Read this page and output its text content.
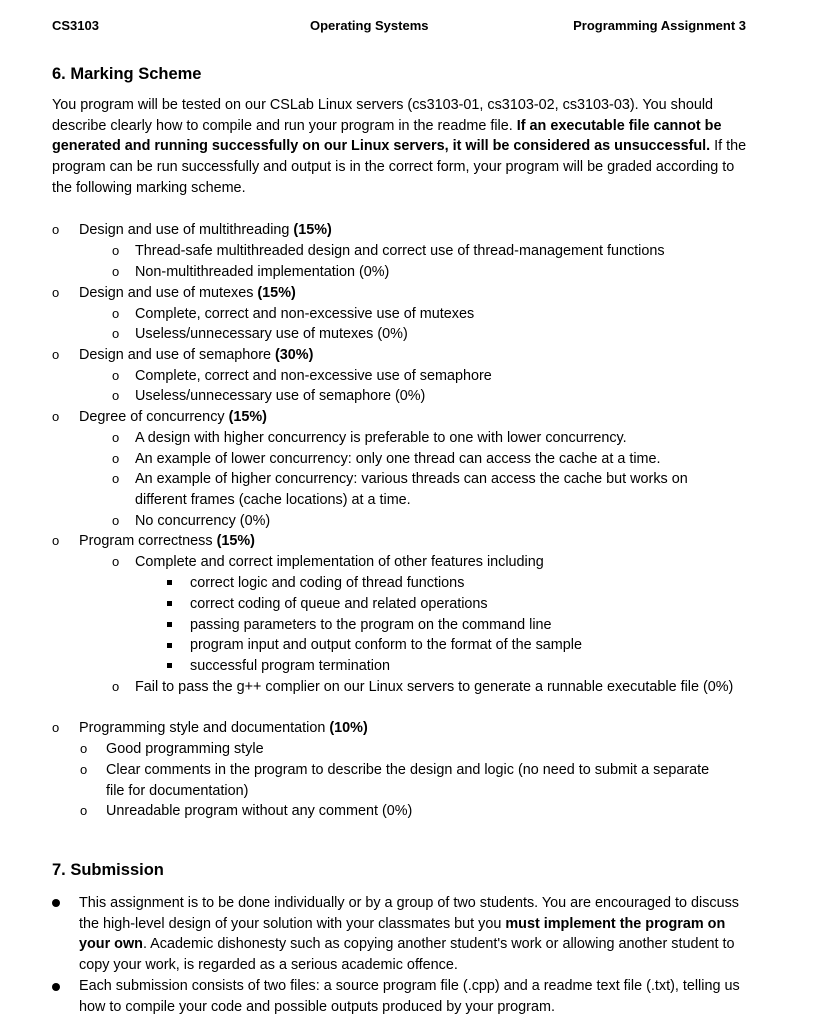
CS3103	Operating Systems	Programming Assignment 3
6. Marking Scheme
You program will be tested on our CSLab Linux servers (cs3103-01, cs3103-02, cs3103-03). You should describe clearly how to compile and run your program in the readme file. If an executable file cannot be generated and running successfully on our Linux servers, it will be considered as unsuccessful. If the program can be run successfully and output is in the correct form, your program will be graded according to the following marking scheme.
o Design and use of multithreading (15%)
o Thread-safe multithreaded design and correct use of thread-management functions
o Non-multithreaded implementation (0%)
o Design and use of mutexes (15%)
o Complete, correct and non-excessive use of mutexes
o Useless/unnecessary use of mutexes (0%)
o Design and use of semaphore (30%)
o Complete, correct and non-excessive use of semaphore
o Useless/unnecessary use of semaphore (0%)
o Degree of concurrency (15%)
o A design with higher concurrency is preferable to one with lower concurrency.
o An example of lower concurrency: only one thread can access the cache at a time.
o An example of higher concurrency: various threads can access the cache but works on different frames (cache locations) at a time.
o No concurrency (0%)
o Program correctness (15%)
o Complete and correct implementation of other features including
correct logic and coding of thread functions
correct coding of queue and related operations
passing parameters to the program on the command line
program input and output conform to the format of the sample
successful program termination
o Fail to pass the g++ complier on our Linux servers to generate a runnable executable file (0%)
o Programming style and documentation (10%)
o Good programming style
o Clear comments in the program to describe the design and logic (no need to submit a separate file for documentation)
o Unreadable program without any comment (0%)
7. Submission
This assignment is to be done individually or by a group of two students. You are encouraged to discuss the high-level design of your solution with your classmates but you must implement the program on your own. Academic dishonesty such as copying another student's work or allowing another student to copy your work, is regarded as a serious academic offence.
Each submission consists of two files: a source program file (.cpp) and a readme text file (.txt), telling us how to compile your code and possible outputs produced by your program.
